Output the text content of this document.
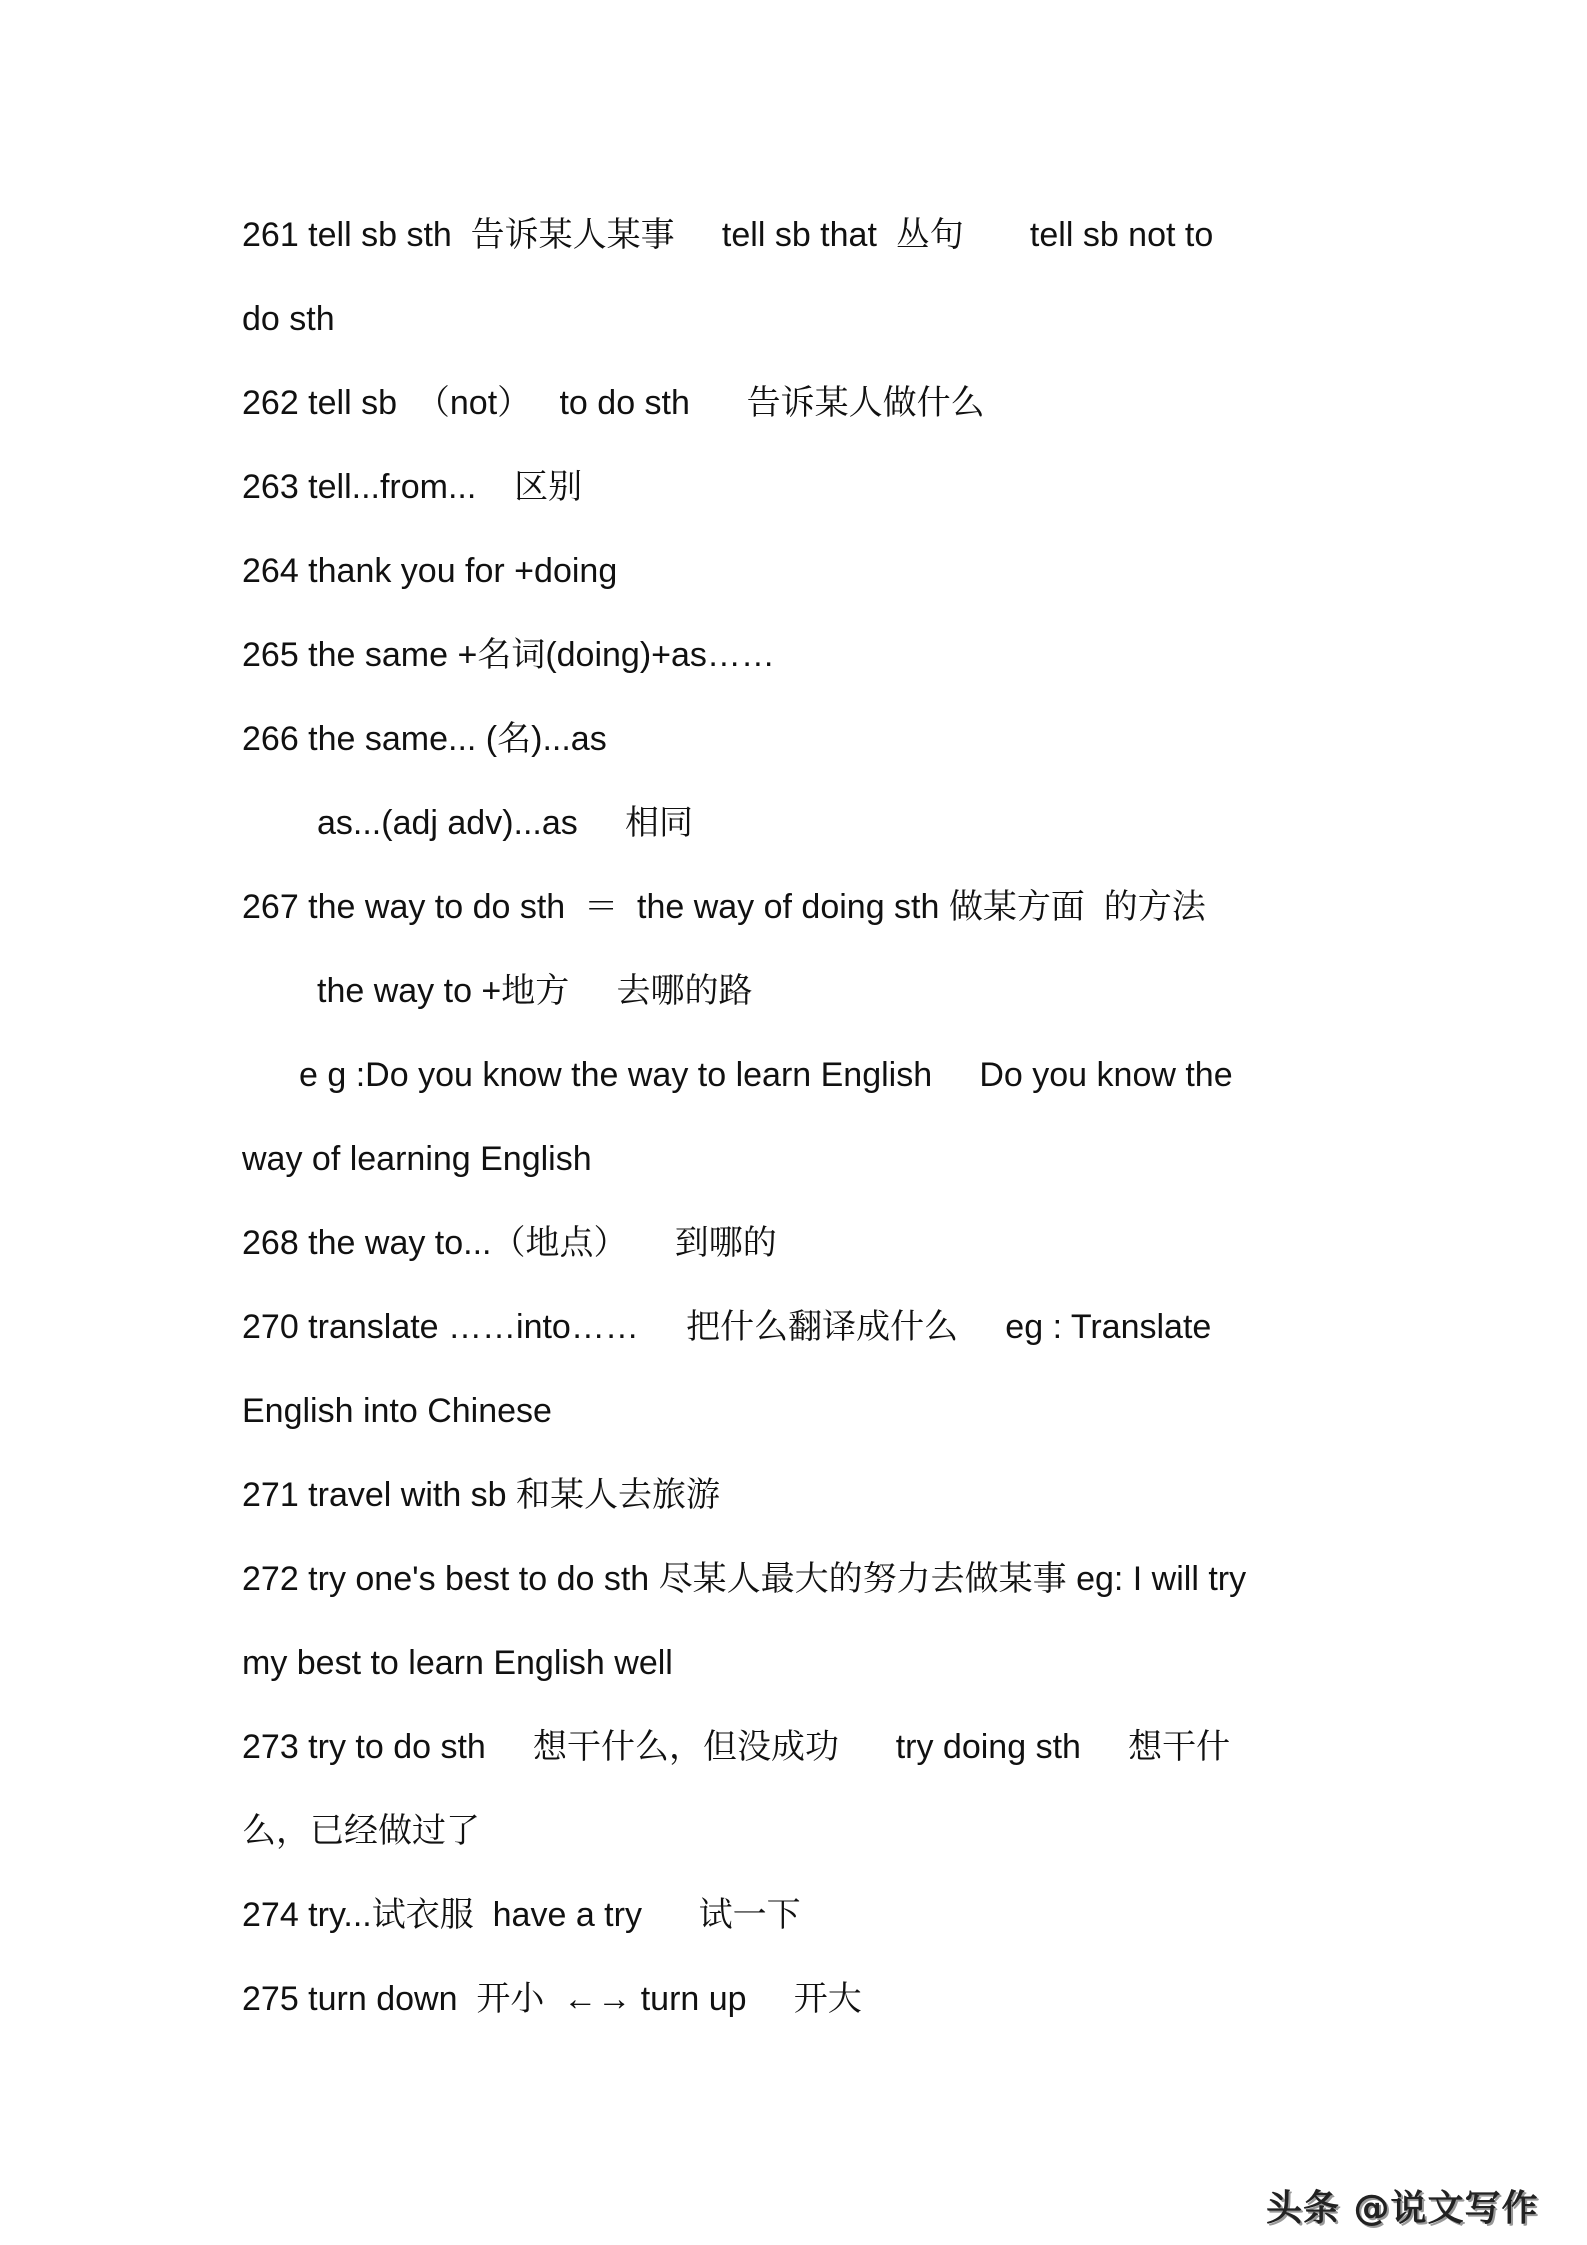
261 tell sb sth  告诉某人某事     tell sb that  丛句       tell sb not to
do sth
262 tell sb  （not）   to do sth      告诉某人做什么
263 tell...from...    区别
264 thank you for +doing
265 the same +名词(doing)+as……
266 the same... (名)...as
as...(adj adv)...as     相同
267 the way to do sth  ＝  the way of doing sth 做某方面  的方法
the way to +地方     去哪的路
e g :Do you know the way to learn English     Do you know the
way of learning English
268 the way to...（地点）     到哪的
270 translate ……into……     把什么翻译成什么     eg : Translate
English into Chinese
271 travel with sb 和某人去旅游
272 try one's best to do sth 尽某人最大的努力去做某事 eg: I will try
my best to learn English well
273 try to do sth     想干什么，但没成功      try doing sth     想干什
么，已经做过了
274 try...试衣服  have a try      试一下
275 turn down  开小  ←→ turn up     开大
头条 @说文写作
